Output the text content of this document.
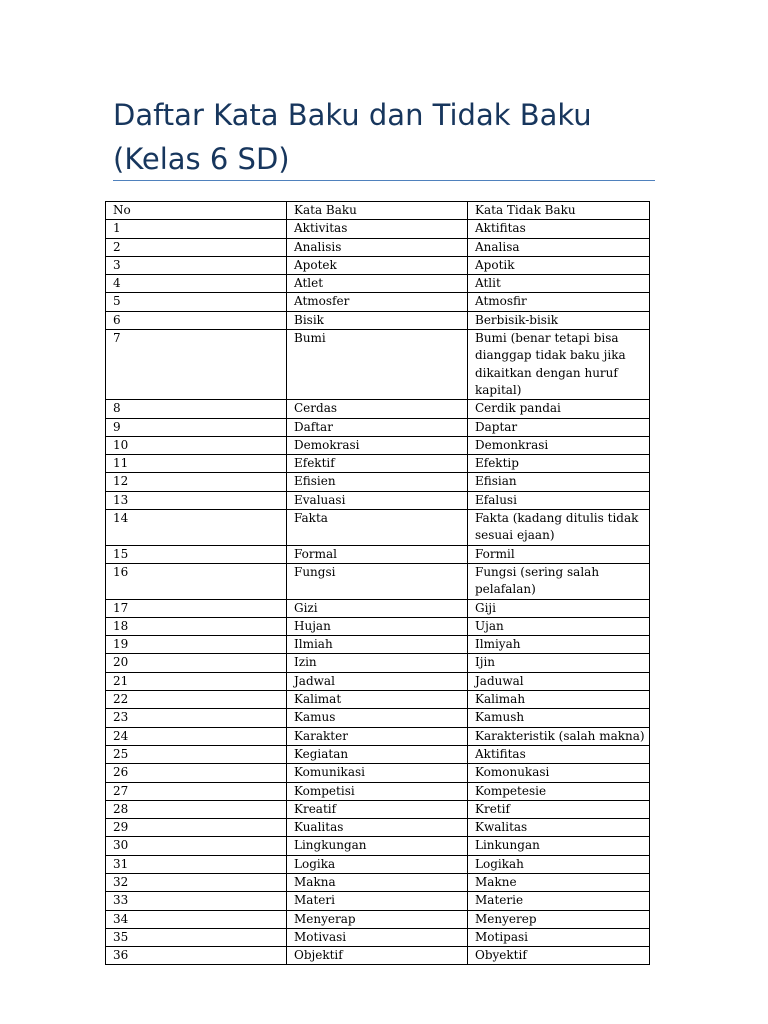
Daftar Kata Baku dan Tidak Baku (Kelas 6 SD)
No	Kata Baku	Kata Tidak Baku
1	Aktivitas	Aktifitas
2	Analisis	Analisa
3	Apotek	Apotik
4	Atlet	Atlit
5	Atmosfer	Atmosfir
6	Bisik	Berbisik-bisik
7	Bumi	Bumi (benar tetapi bisa dianggap tidak baku jika dikaitkan dengan huruf kapital)
8	Cerdas	Cerdik pandai
9	Daftar	Daptar
10	Demokrasi	Demonkrasi
11	Efektif	Efektip
12	Efisien	Efisian
13	Evaluasi	Efalusi
14	Fakta	Fakta (kadang ditulis tidak sesuai ejaan)
15	Formal	Formil
16	Fungsi	Fungsi (sering salah pelafalan)
17	Gizi	Giji
18	Hujan	Ujan
19	Ilmiah	Ilmiyah
20	Izin	Ijin
21	Jadwal	Jaduwal
22	Kalimat	Kalimah
23	Kamus	Kamush
24	Karakter	Karakteristik (salah makna)
25	Kegiatan	Aktifitas
26	Komunikasi	Komonukasi
27	Kompetisi	Kompetesie
28	Kreatif	Kretif
29	Kualitas	Kwalitas
30	Lingkungan	Linkungan
31	Logika	Logikah
32	Makna	Makne
33	Materi	Materie
34	Menyerap	Menyerep
35	Motivasi	Motipasi
36	Objektif	Obyektif
